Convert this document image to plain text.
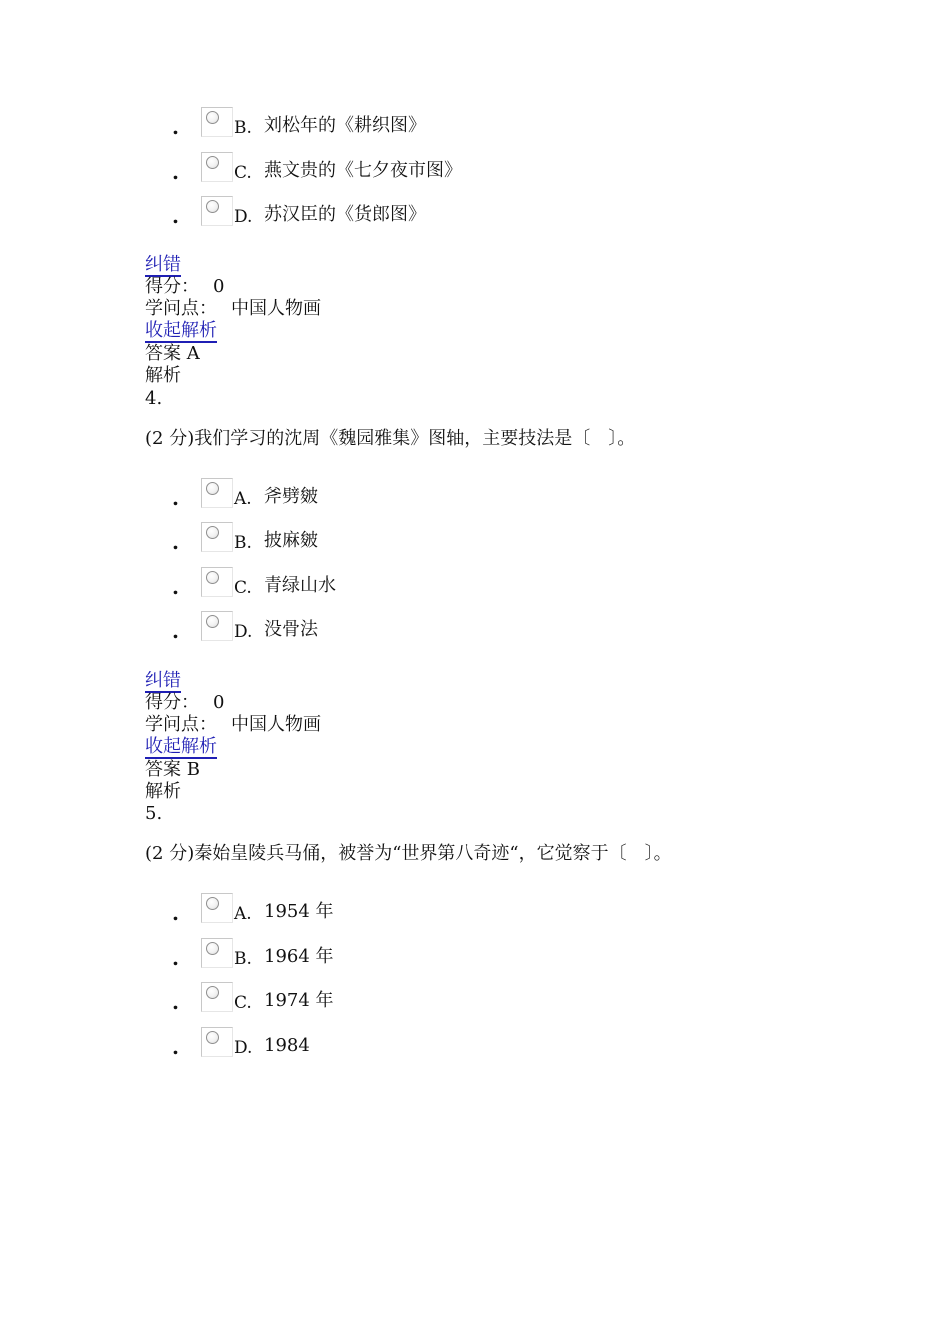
.	B. 刘松年的《耕织图》
.	C. 燕文贵的《七夕夜市图》
.	D. 苏汉臣的《货郎图》
纠错
得分： 0
学问点： 中国人物画
收起解析
答案 A
解析
4.
(2 分)我们学习的沈周《魏园雅集》图轴，主要技法是〔　〕。
.	A. 斧劈皴
.	B. 披麻皴
.	C. 青绿山水
.	D. 没骨法
纠错
得分： 0
学问点： 中国人物画
收起解析
答案 B
解析
5.
(2 分)秦始皇陵兵马俑，被誉为“世界第八奇迹“，它觉察于〔　〕。
.	A. 1954 年
.	B. 1964 年
.	C. 1974 年
.	D. 1984
